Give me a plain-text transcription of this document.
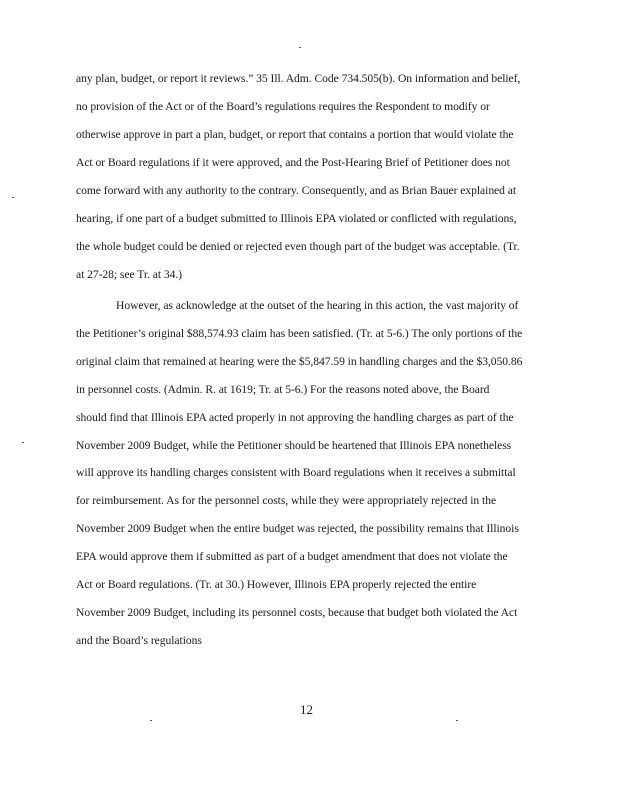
any plan, budget, or report it reviews.” 35 Ill. Adm. Code 734.505(b). On information and belief,
no provision of the Act or of the Board’s regulations requires the Respondent to modify or
otherwise approve in part a plan, budget, or report that contains a portion that would violate the
Act or Board regulations if it were approved, and the Post-Hearing Brief of Petitioner does not
come forward with any authority to the contrary. Consequently, and as Brian Bauer explained at
hearing, if one part of a budget submitted to Illinois EPA violated or conflicted with regulations,
the whole budget could be denied or rejected even though part of the budget was acceptable. (Tr.
at 27-28; see Tr. at 34.)
However, as acknowledge at the outset of the hearing in this action, the vast majority of
the Petitioner’s original $88,574.93 claim has been satisfied. (Tr. at 5-6.) The only portions of the
original claim that remained at hearing were the $5,847.59 in handling charges and the $3,050.86
in personnel costs. (Admin. R. at 1619; Tr. at 5-6.) For the reasons noted above, the Board
should find that Illinois EPA acted properly in not approving the handling charges as part of the
November 2009 Budget, while the Petitioner should be heartened that Illinois EPA nonetheless
will approve its handling charges consistent with Board regulations when it receives a submittal
for reimbursement. As for the personnel costs, while they were appropriately rejected in the
November 2009 Budget when the entire budget was rejected, the possibility remains that Illinois
EPA would approve them if submitted as part of a budget amendment that does not violate the
Act or Board regulations. (Tr. at 30.) However, Illinois EPA properly rejected the entire
November 2009 Budget, including its personnel costs, because that budget both violated the Act
and the Board’s regulations
12
